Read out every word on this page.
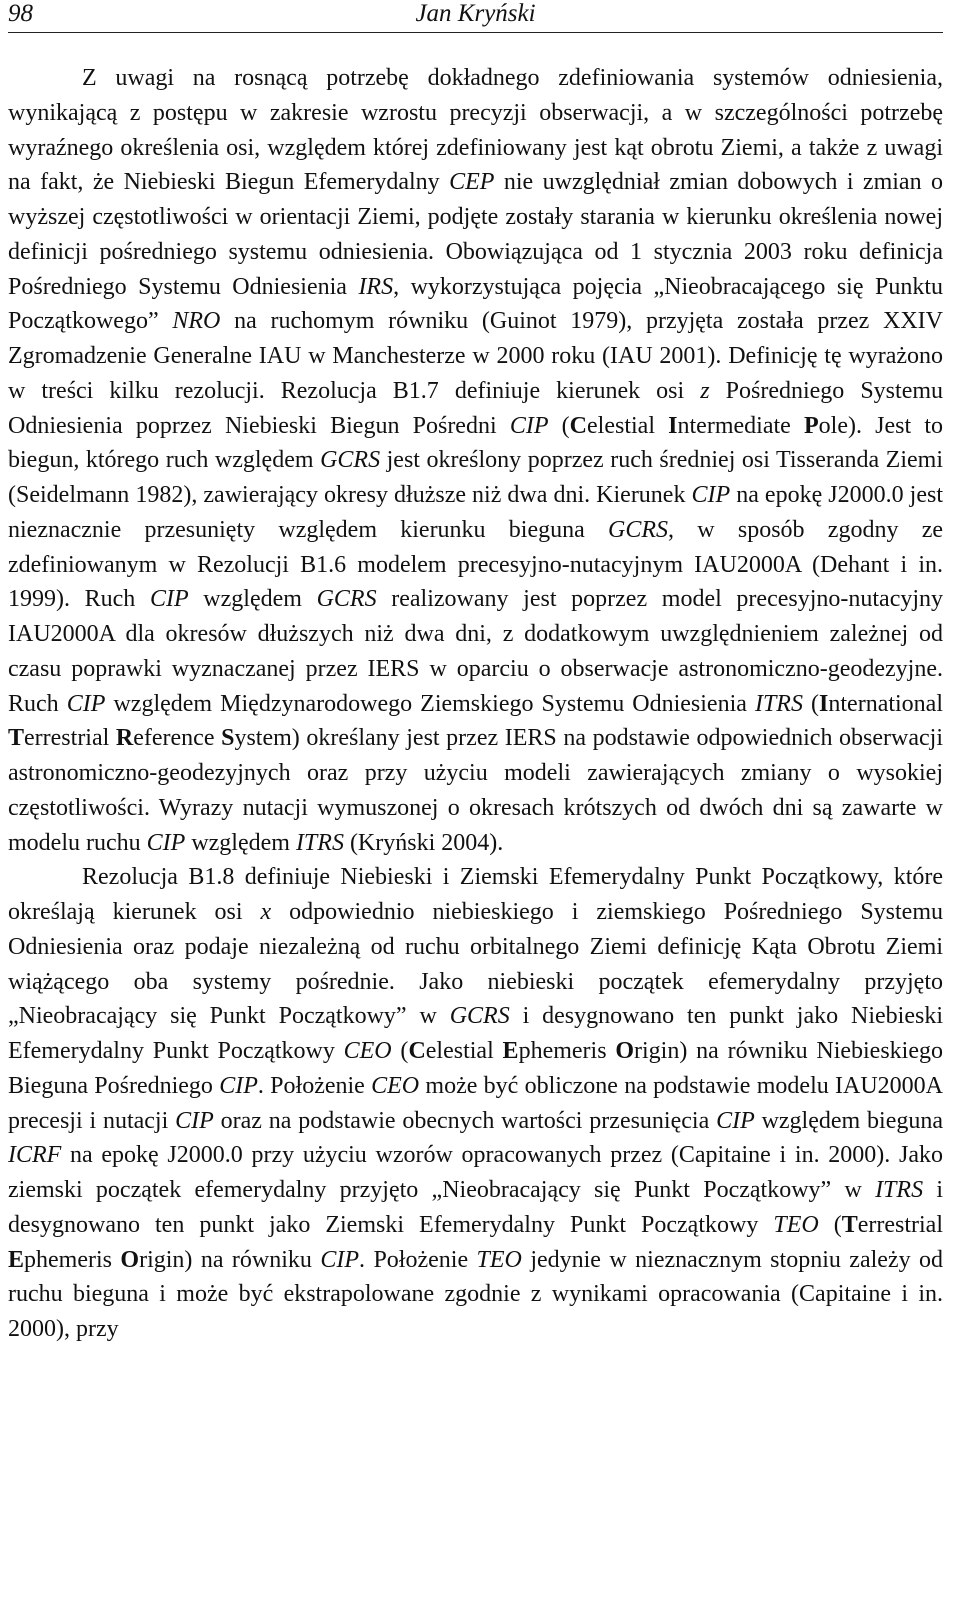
98	Jan Kryński

Z uwagi na rosnącą potrzebę dokładnego zdefiniowania systemów odniesienia, wynikającą z postępu w zakresie wzrostu precyzji obserwacji, a w szczególności potrzebę wyraźnego określenia osi, względem której zdefiniowany jest kąt obrotu Ziemi, a także z uwagi na fakt, że Niebieski Biegun Efemerydalny CEP nie uwzględniał zmian dobowych i zmian o wyższej częstotliwości w orientacji Ziemi, podjęte zostały starania w kierunku określenia nowej definicji pośredniego systemu odniesienia. Obowiązująca od 1 stycznia 2003 roku definicja Pośredniego Systemu Odniesienia IRS, wykorzystująca pojęcia „Nieobracającego się Punktu Początkowego” NRO na ruchomym równiku (Guinot 1979), przyjęta została przez XXIV Zgromadzenie Generalne IAU w Manchesterze w 2000 roku (IAU 2001). Definicję tę wyrażono w treści kilku rezolucji. Rezolucja B1.7 definiuje kierunek osi z Pośredniego Systemu Odniesienia poprzez Niebieski Biegun Pośredni CIP (Celestial Intermediate Pole). Jest to biegun, którego ruch względem GCRS jest określony poprzez ruch średniej osi Tisseranda Ziemi (Seidelmann 1982), zawierający okresy dłuższe niż dwa dni. Kierunek CIP na epokę J2000.0 jest nieznacznie przesunięty względem kierunku bieguna GCRS, w sposób zgodny ze zdefiniowanym w Rezolucji B1.6 modelem precesyjno-nutacyjnym IAU2000A (Dehant i in. 1999). Ruch CIP względem GCRS realizowany jest poprzez model precesyjno-nutacyjny IAU2000A dla okresów dłuższych niż dwa dni, z dodatkowym uwzględnieniem zależnej od czasu poprawki wyznaczanej przez IERS w oparciu o obserwacje astronomiczno-geodezyjne. Ruch CIP względem Międzynarodowego Ziemskiego Systemu Odniesienia ITRS (International Terrestrial Reference System) określany jest przez IERS na podstawie odpowiednich obserwacji astronomiczno-geodezyjnych oraz przy użyciu modeli zawierających zmiany o wysokiej częstotliwości. Wyrazy nutacji wymuszonej o okresach krótszych od dwóch dni są zawarte w modelu ruchu CIP względem ITRS (Kryński 2004).

Rezolucja B1.8 definiuje Niebieski i Ziemski Efemerydalny Punkt Początkowy, które określają kierunek osi x odpowiednio niebieskiego i ziemskiego Pośredniego Systemu Odniesienia oraz podaje niezależną od ruchu orbitalnego Ziemi definicję Kąta Obrotu Ziemi wiążącego oba systemy pośrednie. Jako niebieski początek efemerydalny przyjęto „Nieobracający się Punkt Początkowy” w GCRS i desygnowano ten punkt jako Niebieski Efemerydalny Punkt Początkowy CEO (Celestial Ephemeris Origin) na równiku Niebieskiego Bieguna Pośredniego CIP. Położenie CEO może być obliczone na podstawie modelu IAU2000A precesji i nutacji CIP oraz na podstawie obecnych wartości przesunięcia CIP względem bieguna ICRF na epokę J2000.0 przy użyciu wzorów opracowanych przez (Capitaine i in. 2000). Jako ziemski początek efemerydalny przyjęto „Nieobracający się Punkt Początkowy” w ITRS i desygnowano ten punkt jako Ziemski Efemerydalny Punkt Początkowy TEO (Terrestrial Ephemeris Origin) na równiku CIP. Położenie TEO jedynie w nieznacznym stopniu zależy od ruchu bieguna i może być ekstrapolowane zgodnie z wynikami opracowania (Capitaine i in. 2000), przy
